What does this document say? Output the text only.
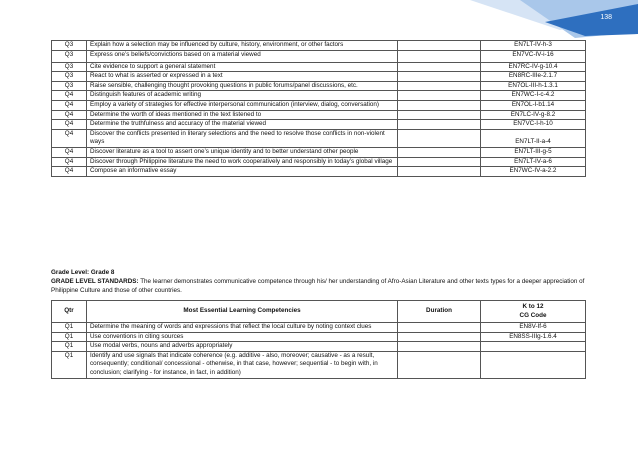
138
Q3	Explain how a selection may be influenced by culture, history, environment, or other factors		EN7LT-IV-h-3
Q3	Express one’s beliefs/convictions based on a material viewed		EN7VC-IV-i-16
Q3	Cite evidence to support a general statement		EN7RC-IV-g-10.4
Q3	React to what is asserted or expressed in a text		EN8RC-IIIe-2.1.7
Q3	Raise sensible, challenging thought provoking questions in public forums/panel discussions, etc.		EN7OL-III-h-1.3.1
Q4	Distinguish features of academic writing		EN7WC-I-c-4.2
Q4	Employ a variety of strategies for effective interpersonal communication (interview, dialog, conversation)		EN7OL-I-b1.14
Q4	Determine the worth of ideas mentioned in the text listened to		EN7LC-IV-g-8.2
Q4	Determine the truthfulness and accuracy of the material viewed		EN7VC-I-h-10
Q4	Discover the conflicts presented in literary selections and the need to resolve those conflicts in non-violent ways		EN7LT-II-a-4
Q4	Discover literature as a tool to assert one’s unique identity and to better understand other people		EN7LT-III-g-5
Q4	Discover through Philippine literature the need to work cooperatively and responsibly in today’s global village		EN7LT-IV-a-6
Q4	Compose an informative essay		EN7WC-IV-a-2.2
Grade Level: Grade 8
GRADE LEVEL STANDARDS: The learner demonstrates communicative competence through his/ her understanding of Afro-Asian Literature and other texts types for a deeper appreciation of Philippine Culture and those of other countries.
Qtr	Most Essential Learning Competencies	Duration	K to 12
CG Code
Q1	Determine the meaning of words and expressions that reflect the local culture by noting context clues		EN8V-If-6
Q1	Use conventions in citing sources		EN8SS-IIIg-1.6.4
Q1	Use modal verbs, nouns and adverbs appropriately		
Q1	Identify and use signals that indicate coherence (e.g. additive - also, moreover; causative - as a result, consequently; conditional/ concessional - otherwise, in that case, however; sequential - to begin with, in conclusion; clarifying - for instance, in fact, in addition)		
